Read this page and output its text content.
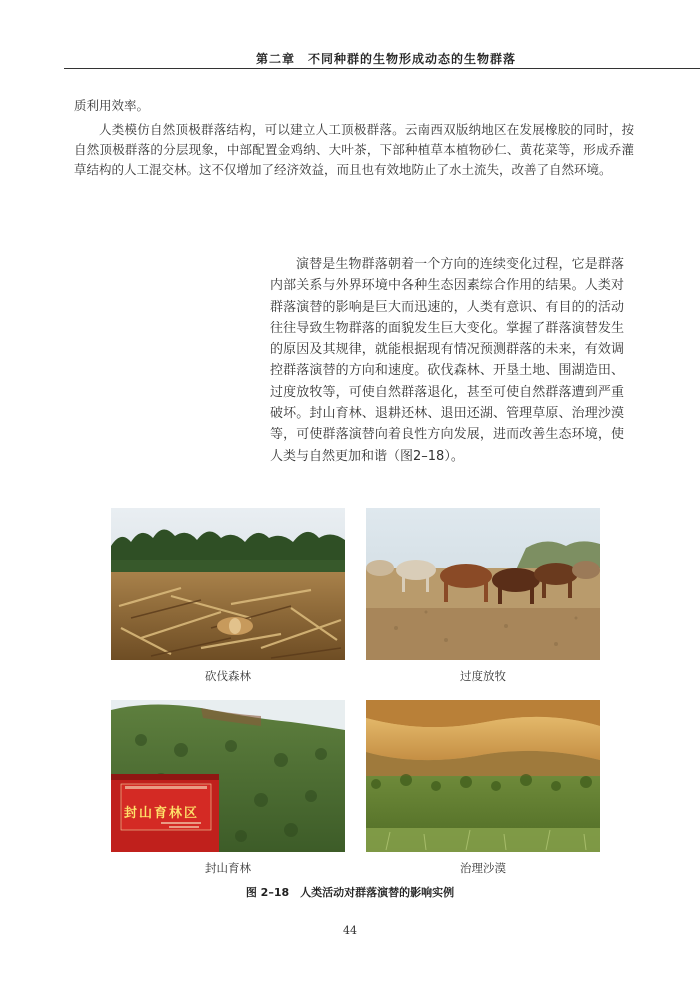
第二章　不同种群的生物形成动态的生物群落

质利用效率。

人类模仿自然顶极群落结构，可以建立人工顶极群落。云南西双版纳地区在发展橡胶的同时，按自然顶极群落的分层现象，中部配置金鸡纳、大叶茶，下部种植草本植物砂仁、黄花菜等，形成乔灌草结构的人工混交林。这不仅增加了经济效益，而且也有效地防止了水土流失，改善了自然环境。

演替是生物群落朝着一个方向的连续变化过程，它是群落内部关系与外界环境中各种生态因素综合作用的结果。人类对群落演替的影响是巨大而迅速的，人类有意识、有目的的活动往往导致生物群落的面貌发生巨大变化。掌握了群落演替发生的原因及其规律，就能根据现有情况预测群落的未来，有效调控群落演替的方向和速度。砍伐森林、开垦土地、围湖造田、过度放牧等，可使自然群落退化，甚至可使自然群落遭到严重破坏。封山育林、退耕还林、退田还湖、管理草原、治理沙漠等，可使群落演替向着良性方向发展，进而改善生态环境，使人类与自然更加和谐（图2–18）。

砍伐森林	过度放牧
封山育林区
封山育林	治理沙漠
图 2–18　人类活动对群落演替的影响实例
44
